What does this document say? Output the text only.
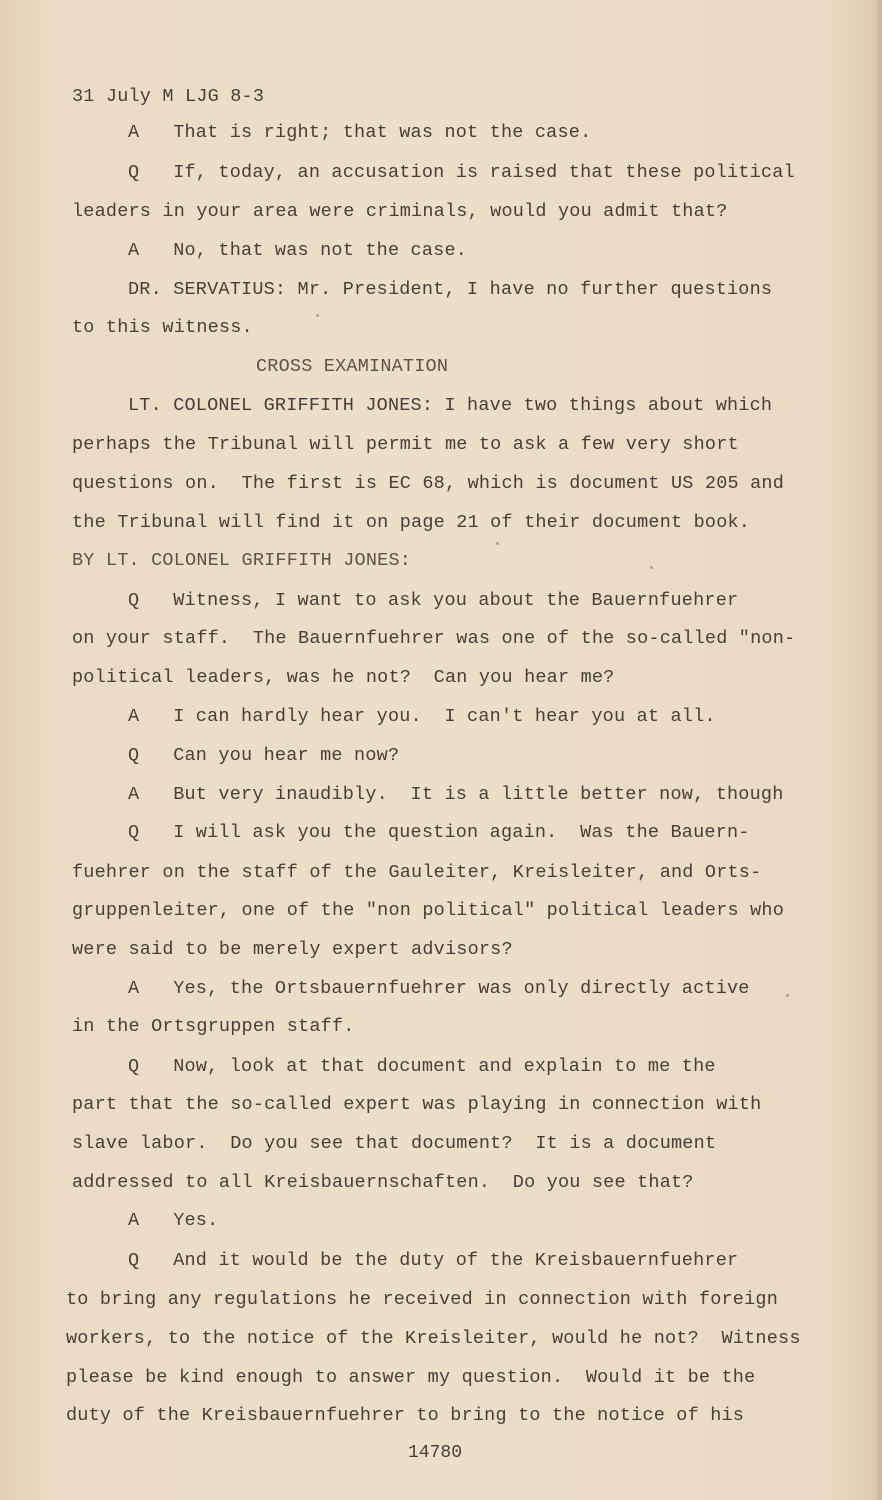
31 July M LJG 8-3
A   That is right; that was not the case.
Q   If, today, an accusation is raised that these political
leaders in your area were criminals, would you admit that?
A   No, that was not the case.
DR. SERVATIUS: Mr. President, I have no further questions
to this witness.
CROSS EXAMINATION
LT. COLONEL GRIFFITH JONES: I have two things about which
perhaps the Tribunal will permit me to ask a few very short
questions on.  The first is EC 68, which is document US 205 and
the Tribunal will find it on page 21 of their document book.
BY LT. COLONEL GRIFFITH JONES:
Q   Witness, I want to ask you about the Bauernfuehrer
on your staff.  The Bauernfuehrer was one of the so-called "non-
political leaders, was he not?  Can you hear me?
A   I can hardly hear you.  I can't hear you at all.
Q   Can you hear me now?
A   But very inaudibly.  It is a little better now, though
Q   I will ask you the question again.  Was the Bauern-
fuehrer on the staff of the Gauleiter, Kreisleiter, and Orts-
gruppenleiter, one of the "non political" political leaders who
were said to be merely expert advisors?
A   Yes, the Ortsbauernfuehrer was only directly active
in the Ortsgruppen staff.
Q   Now, look at that document and explain to me the
part that the so-called expert was playing in connection with
slave labor.  Do you see that document?  It is a document
addressed to all Kreisbauernschaften.  Do you see that?
A   Yes.
Q   And it would be the duty of the Kreisbauernfuehrer
to bring any regulations he received in connection with foreign
workers, to the notice of the Kreisleiter, would he not?  Witness
please be kind enough to answer my question.  Would it be the
duty of the Kreisbauernfuehrer to bring to the notice of his
14780
